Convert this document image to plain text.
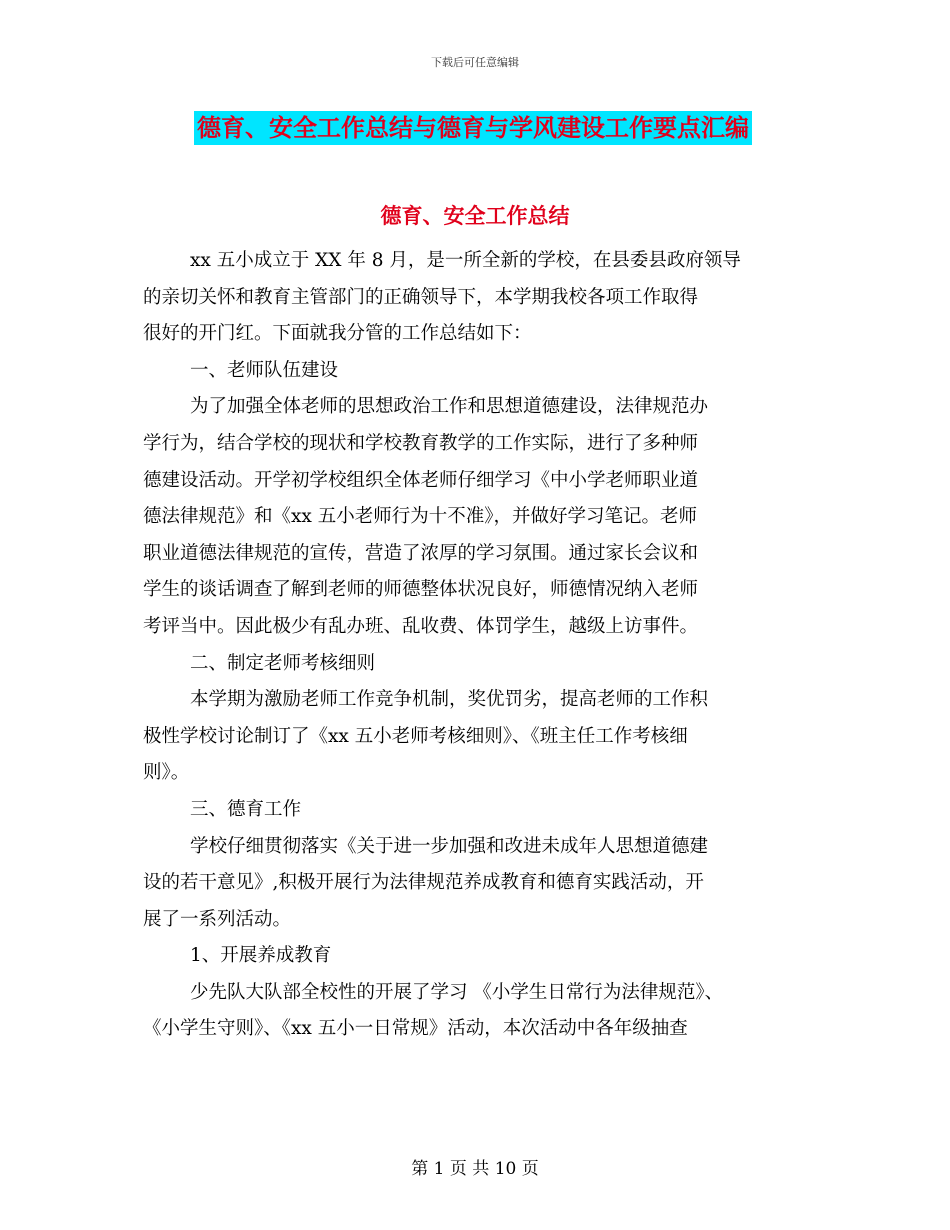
下载后可任意编辑
德育、安全工作总结与德育与学风建设工作要点汇编
德育、安全工作总结
xx 五小成立于 XX 年 8 月，是一所全新的学校，在县委县政府领导
的亲切关怀和教育主管部门的正确领导下，本学期我校各项工作取得
很好的开门红。下面就我分管的工作总结如下：
一、老师队伍建设
为了加强全体老师的思想政治工作和思想道德建设，法律规范办
学行为，结合学校的现状和学校教育教学的工作实际，进行了多种师
德建设活动。开学初学校组织全体老师仔细学习《中小学老师职业道
德法律规范》和《xx 五小老师行为十不准》，并做好学习笔记。老师
职业道德法律规范的宣传，营造了浓厚的学习氛围。通过家长会议和
学生的谈话调查了解到老师的师德整体状况良好，师德情况纳入老师
考评当中。因此极少有乱办班、乱收费、体罚学生，越级上访事件。
二、制定老师考核细则
本学期为激励老师工作竞争机制，奖优罚劣，提高老师的工作积
极性学校讨论制订了《xx 五小老师考核细则》、《班主任工作考核细
则》。
三、德育工作
学校仔细贯彻落实《关于进一步加强和改进未成年人思想道德建
设的若干意见》,积极开展行为法律规范养成教育和德育实践活动，开
展了一系列活动。
1、开展养成教育
少先队大队部全校性的开展了学习 《小学生日常行为法律规范》、
《小学生守则》、《xx 五小一日常规》活动，本次活动中各年级抽查
第 1 页 共 10 页
